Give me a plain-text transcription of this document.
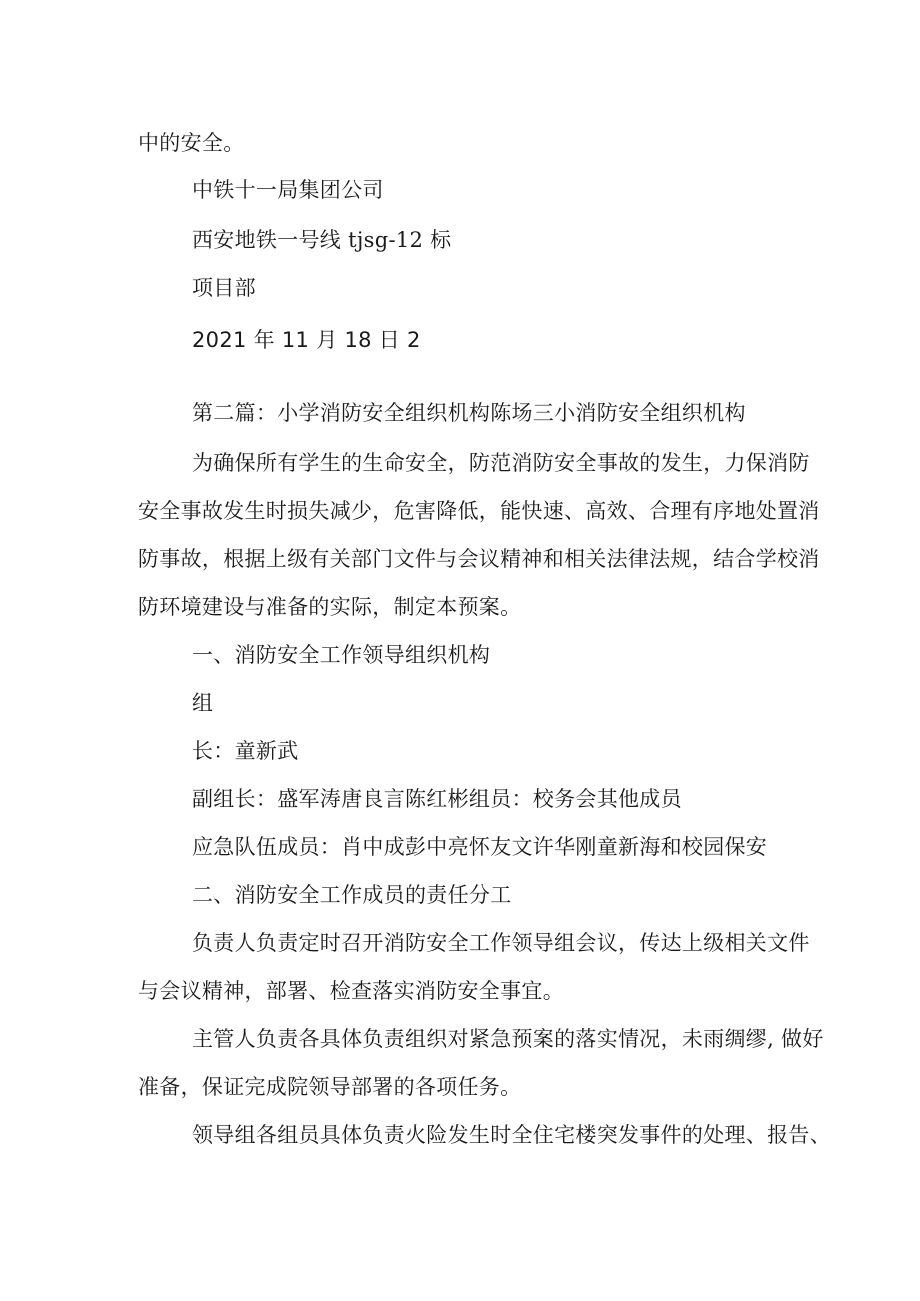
中的安全。
中铁十一局集团公司
西安地铁一号线 tjsg-12 标
项目部
2021 年 11 月 18 日 2
第二篇：小学消防安全组织机构陈场三小消防安全组织机构
为确保所有学生的生命安全，防范消防安全事故的发生，力保消防
安全事故发生时损失减少，危害降低，能快速、高效、合理有序地处置消
防事故，根据上级有关部门文件与会议精神和相关法律法规，结合学校消
防环境建设与准备的实际，制定本预案。
一、消防安全工作领导组织机构
组
长：童新武
副组长：盛军涛唐良言陈红彬组员：校务会其他成员
应急队伍成员：肖中成彭中亮怀友文许华刚童新海和校园保安
二、消防安全工作成员的责任分工
负责人负责定时召开消防安全工作领导组会议，传达上级相关文件
与会议精神，部署、检查落实消防安全事宜。
主管人负责各具体负责组织对紧急预案的落实情况，未雨绸缪, 做好
准备，保证完成院领导部署的各项任务。
领导组各组员具体负责火险发生时全住宅楼突发事件的处理、报告、
